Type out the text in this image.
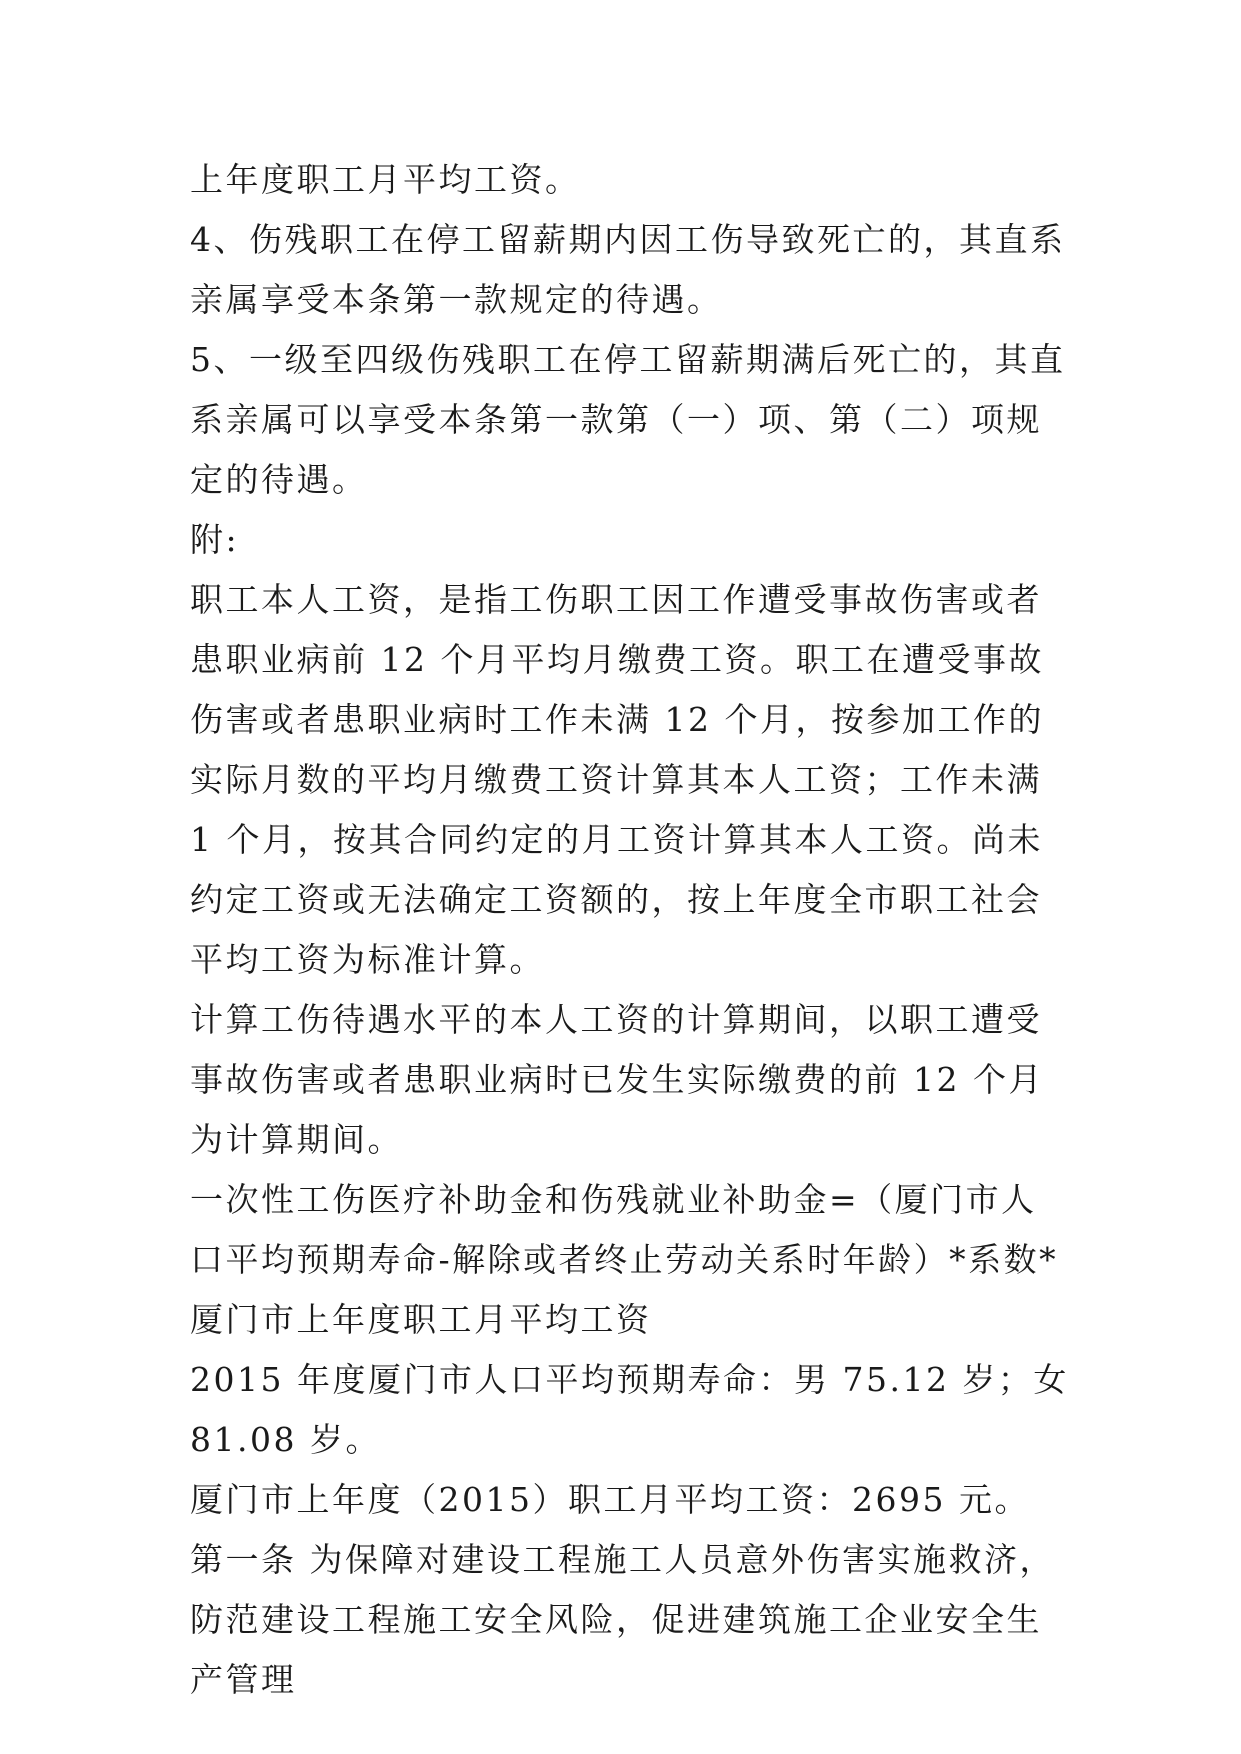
上年度职工月平均工资。

4、伤残职工在停工留薪期内因工伤导致死亡的，其直系亲属享受本条第一款规定的待遇。

5、一级至四级伤残职工在停工留薪期满后死亡的，其直系亲属可以享受本条第一款第（一）项、第（二）项规定的待遇。

附:

职工本人工资，是指工伤职工因工作遭受事故伤害或者患职业病前 12 个月平均月缴费工资。职工在遭受事故伤害或者患职业病时工作未满 12 个月，按参加工作的实际月数的平均月缴费工资计算其本人工资；工作未满 1 个月，按其合同约定的月工资计算其本人工资。尚未约定工资或无法确定工资额的，按上年度全市职工社会平均工资为标准计算。

计算工伤待遇水平的本人工资的计算期间，以职工遭受事故伤害或者患职业病时已发生实际缴费的前 12 个月为计算期间。

一次性工伤医疗补助金和伤残就业补助金=（厦门市人口平均预期寿命-解除或者终止劳动关系时年龄）*系数*厦门市上年度职工月平均工资

2015 年度厦门市人口平均预期寿命：男 75.12 岁；女 81.08 岁。

厦门市上年度（2015）职工月平均工资：2695 元。

第一条 为保障对建设工程施工人员意外伤害实施救济，防范建设工程施工安全风险，促进建筑施工企业安全生产管理
